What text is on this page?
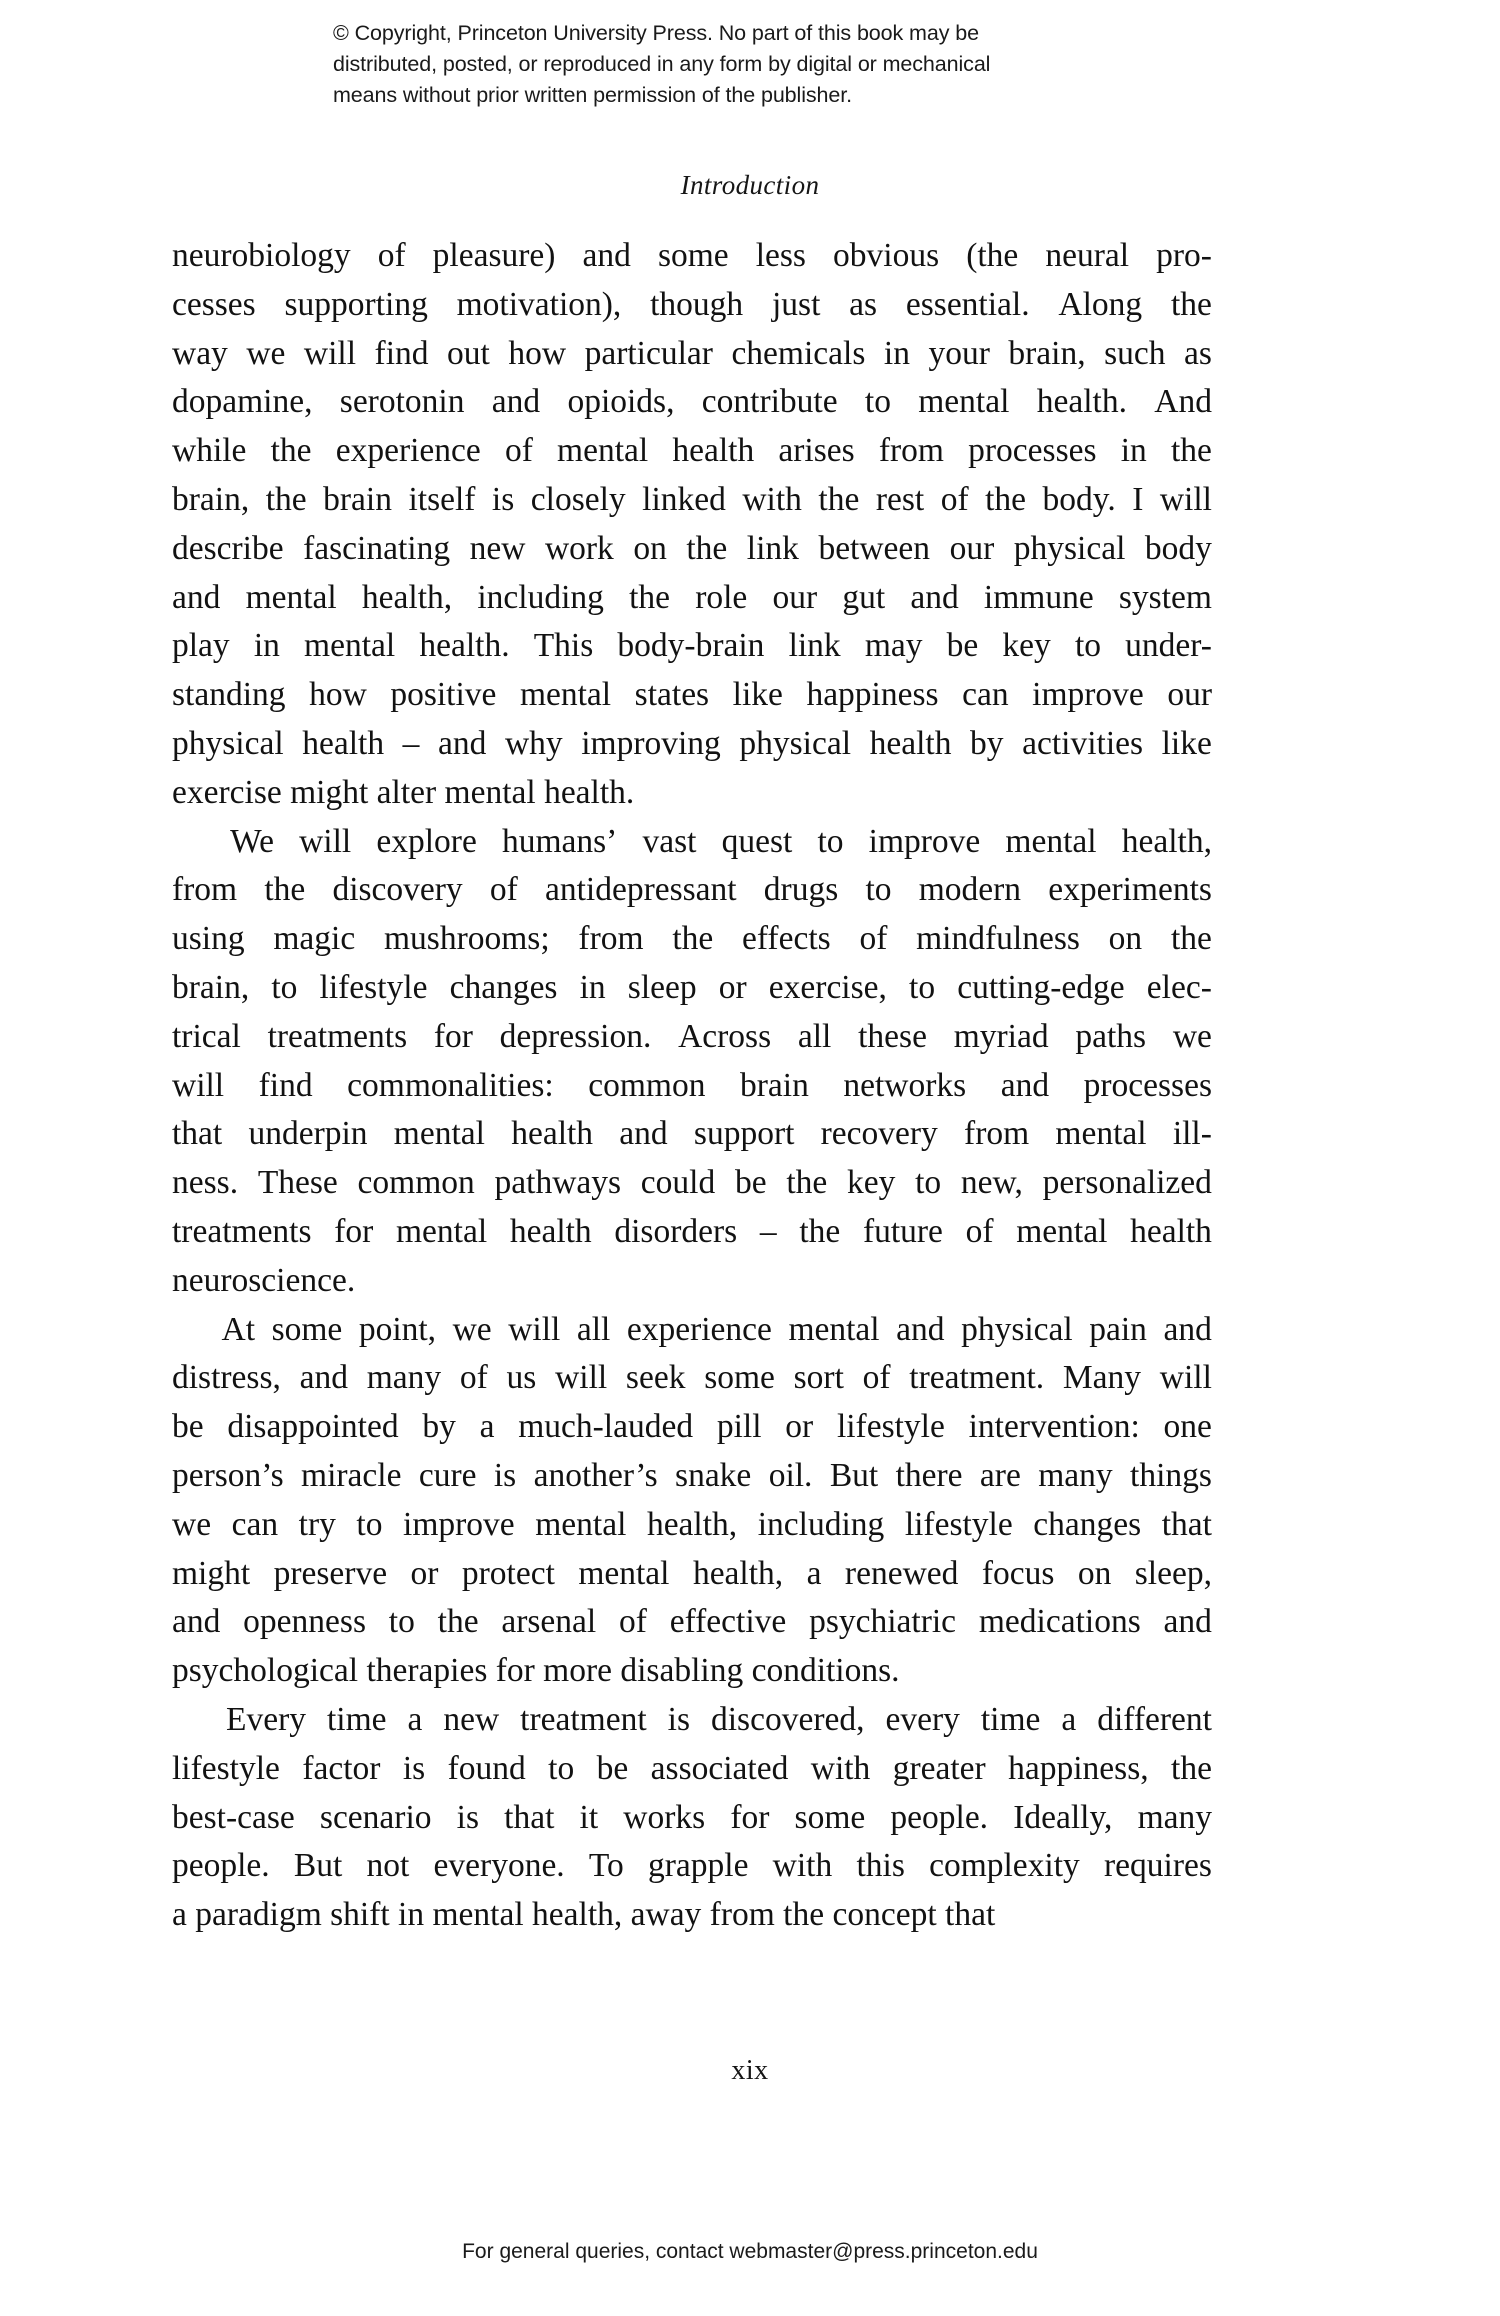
© Copyright, Princeton University Press. No part of this book may be
distributed, posted, or reproduced in any form by digital or mechanical
means without prior written permission of the publisher.
Introduction

neurobiology of pleasure) and some less obvious (the neural pro-
cesses supporting motivation), though just as essential. Along the
way we will find out how particular chemicals in your brain, such as
dopamine, serotonin and opioids, contribute to mental health. And
while the experience of mental health arises from processes in the
brain, the brain itself is closely linked with the rest of the body. I will
describe fascinating new work on the link between our physical body
and mental health, including the role our gut and immune system
play in mental health. This body-brain link may be key to under-
standing how positive mental states like happiness can improve our
physical health – and why improving physical health by activities like
exercise might alter mental health.

We will explore humans’ vast quest to improve mental health,
from the discovery of antidepressant drugs to modern experiments
using magic mushrooms; from the effects of mindfulness on the
brain, to lifestyle changes in sleep or exercise, to cutting-edge elec-
trical treatments for depression. Across all these myriad paths we
will find commonalities: common brain networks and processes
that underpin mental health and support recovery from mental ill-
ness. These common pathways could be the key to new, personalized
treatments for mental health disorders – the future of mental health
neuroscience.

At some point, we will all experience mental and physical pain and
distress, and many of us will seek some sort of treatment. Many will
be disappointed by a much-lauded pill or lifestyle intervention: one
person’s miracle cure is another’s snake oil. But there are many things
we can try to improve mental health, including lifestyle changes that
might preserve or protect mental health, a renewed focus on sleep,
and openness to the arsenal of effective psychiatric medications and
psychological therapies for more disabling conditions.

Every time a new treatment is discovered, every time a different
lifestyle factor is found to be associated with greater happiness, the
best-case scenario is that it works for some people. Ideally, many
people. But not everyone. To grapple with this complexity requires
a paradigm shift in mental health, away from the concept that

xix
For general queries, contact webmaster@press.princeton.edu
